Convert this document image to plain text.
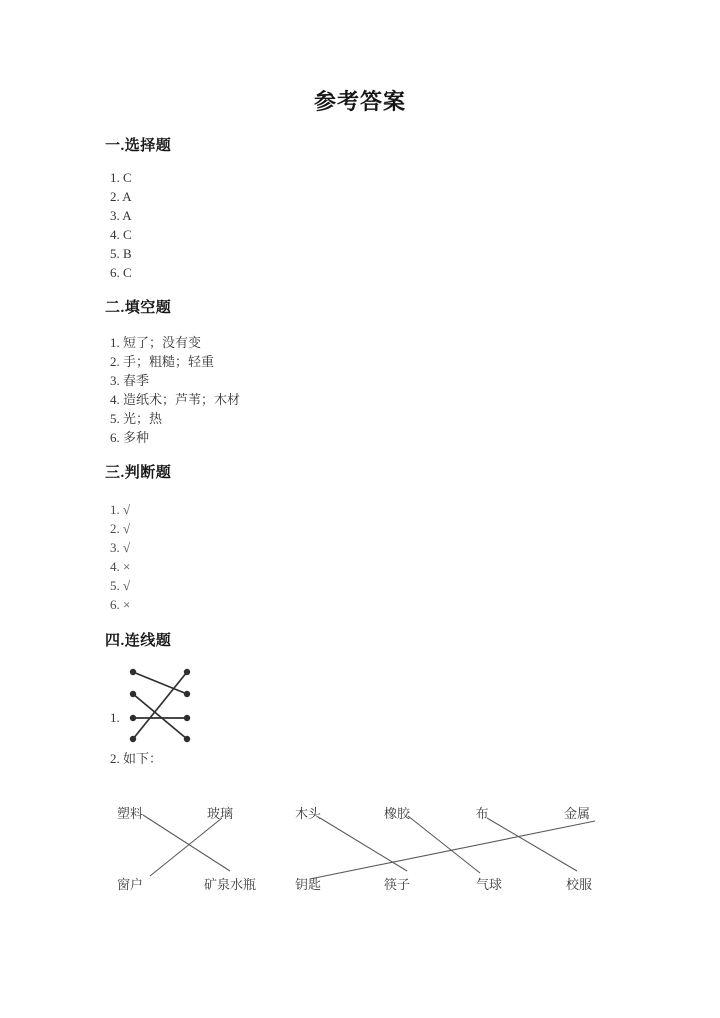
参考答案
一.选择题
1. C
2. A
3. A
4. C
5. B
6. C
二.填空题
1. 短了；没有变
2. 手；粗糙；轻重
3. 春季
4. 造纸术；芦苇；木材
5. 光；热
6. 多种
三.判断题
1. √
2. √
3. √
4. ×
5. √
6. ×
四.连线题
1.
2. 如下：
塑料	玻璃
窗户	矿泉水瓶
木头	橡胶	布	金属
钥匙	筷子	气球	校服
